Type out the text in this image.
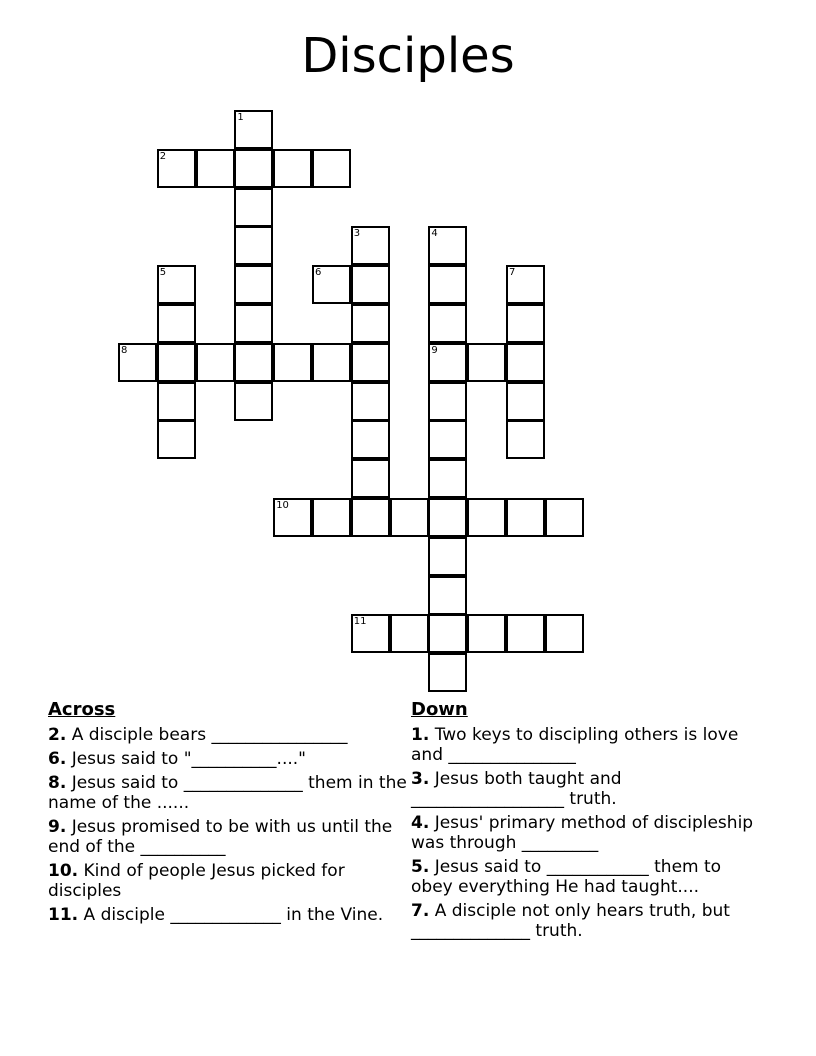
Disciples
1
2
3	4
9
5	6	7
8
10
11
Across
2. A disciple bears ________________
6. Jesus said to "__________...."
8. Jesus said to ______________ them in the name of the ......
9. Jesus promised to be with us until the end of the __________
10. Kind of people Jesus picked for disciples
11. A disciple _____________ in the Vine.
Down
1. Two keys to discipling others is love and _______________
3. Jesus both taught and __________________ truth.
4. Jesus' primary method of discipleship was through _________
5. Jesus said to ____________ them to obey everything He had taught....
7. A disciple not only hears truth, but ______________ truth.
